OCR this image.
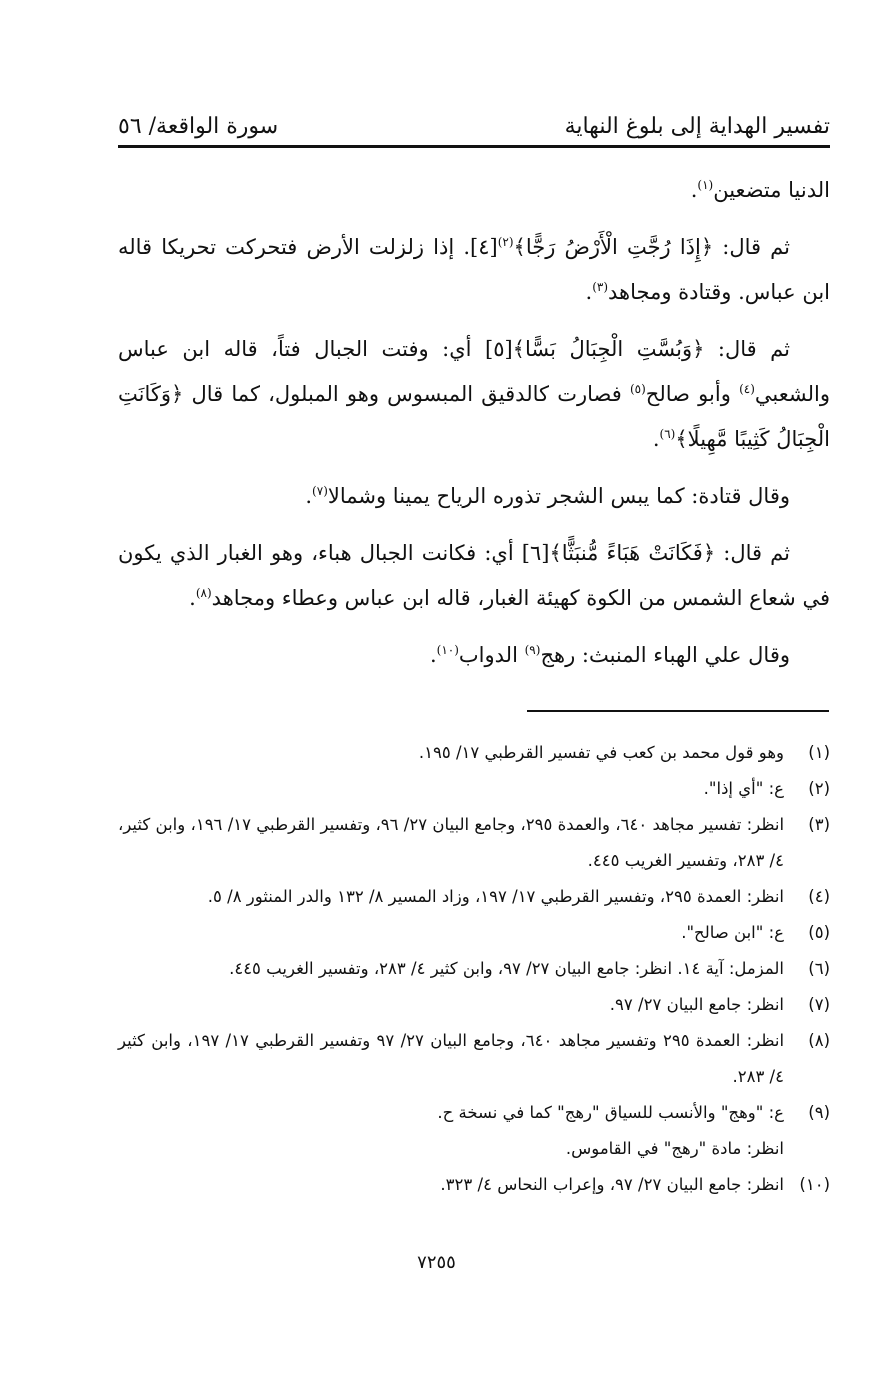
تفسير الهداية إلى بلوغ النهاية
سورة الواقعة/ ٥٦

الدنيا متضعين$^{(١)}$.

ثم قال: ﴿إِذَا رُجَّتِ الْأَرْضُ رَجًّا﴾$^{(٢)}$[٤]. إذا زلزلت الأرض فتحركت تحريكا قاله ابن عباس. وقتادة ومجاهد$^{(٣)}$.

ثم قال: ﴿وَبُسَّتِ الْجِبَالُ بَسًّا﴾[٥] أي: وفتت الجبال فتاً، قاله ابن عباس والشعبي$^{(٤)}$ وأبو صالح$^{(٥)}$ فصارت كالدقيق المبسوس وهو المبلول، كما قال ﴿وَكَانَتِ الْجِبَالُ كَثِيبًا مَّهِيلًا﴾$^{(٦)}$.

وقال قتادة: كما يبس الشجر تذوره الرياح يمينا وشمالا$^{(٧)}$.

ثم قال: ﴿فَكَانَتْ هَبَاءً مُّنبَثًّا﴾[٦] أي: فكانت الجبال هباء، وهو الغبار الذي يكون في شعاع الشمس من الكوة كهيئة الغبار، قاله ابن عباس وعطاء ومجاهد$^{(٨)}$.

وقال علي الهباء المنبث: رهج$^{(٩)}$ الدواب$^{(١٠)}$.

(١)
وهو قول محمد بن كعب في تفسير القرطبي ١٧/ ١٩٥.
(٢)
ع: "أي إذا".
(٣)
انظر: تفسير مجاهد ٦٤٠، والعمدة ٢٩٥، وجامع البيان ٢٧/ ٩٦، وتفسير القرطبي ١٧/ ١٩٦، وابن كثير، ٤/ ٢٨٣، وتفسير الغريب ٤٤٥.
(٤)
انظر: العمدة ٢٩٥، وتفسير القرطبي ١٧/ ١٩٧، وزاد المسير ٨/ ١٣٢ والدر المنثور ٨/ ٥.
(٥)
ع: "ابن صالح".
(٦)
المزمل: آية ١٤. انظر: جامع البيان ٢٧/ ٩٧، وابن كثير ٤/ ٢٨٣، وتفسير الغريب ٤٤٥.
(٧)
انظر: جامع البيان ٢٧/ ٩٧.
(٨)
انظر: العمدة ٢٩٥ وتفسير مجاهد ٦٤٠، وجامع البيان ٢٧/ ٩٧ وتفسير القرطبي ١٧/ ١٩٧، وابن كثير ٤/ ٢٨٣.
(٩)
ع: "وهج" والأنسب للسياق "رهج" كما في نسخة ح.
انظر: مادة "رهج" في القاموس.
(١٠)
انظر: جامع البيان ٢٧/ ٩٧، وإعراب النحاس ٤/ ٣٢٣.
٧٢٥٥
